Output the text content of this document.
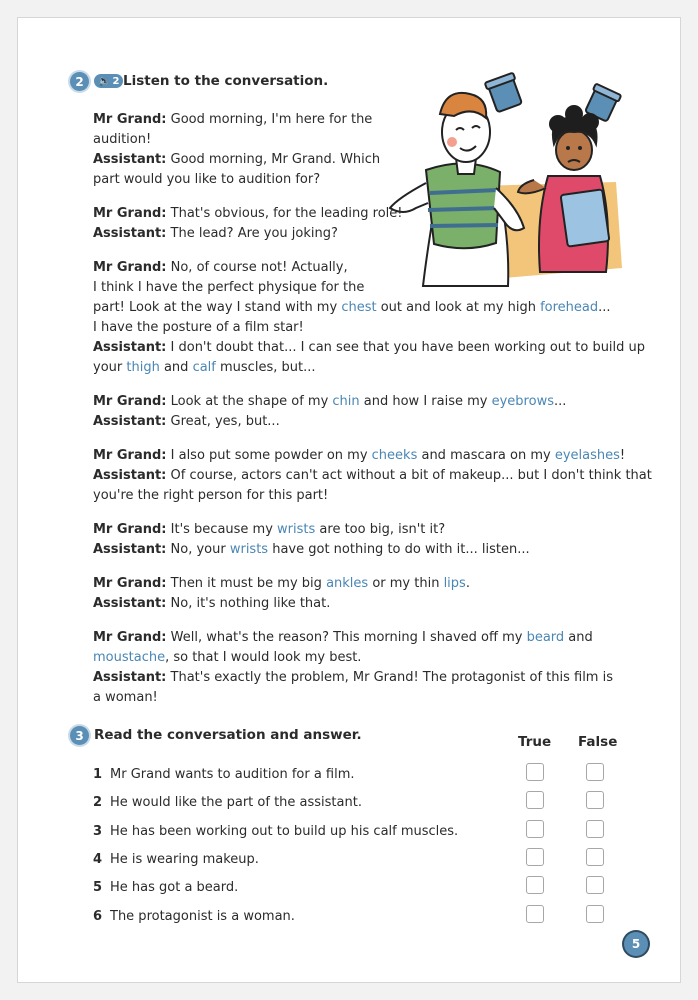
2	🔈 2 Listen to the conversation.

Mr Grand: Good morning, I'm here for the

audition!

Assistant: Good morning, Mr Grand. Which

part would you like to audition for?

Mr Grand: That's obvious, for the leading role!

Assistant: The lead? Are you joking?

Mr Grand: No, of course not! Actually,

I think I have the perfect physique for the

part! Look at the way I stand with my chest out and look at my high forehead...

I have the posture of a film star!

Assistant: I don't doubt that... I can see that you have been working out to build up

your thigh and calf muscles, but...

Mr Grand: Look at the shape of my chin and how I raise my eyebrows...

Assistant: Great, yes, but...

Mr Grand: I also put some powder on my cheeks and mascara on my eyelashes!

Assistant: Of course, actors can't act without a bit of makeup... but I don't think that

you're the right person for this part!

Mr Grand: It's because my wrists are too big, isn't it?

Assistant: No, your wrists have got nothing to do with it... listen...

Mr Grand: Then it must be my big ankles or my thin lips.

Assistant: No, it's nothing like that.

Mr Grand: Well, what's the reason? This morning I shaved off my beard and

moustache, so that I would look my best.

Assistant: That's exactly the problem, Mr Grand! The protagonist of this film is

a woman!

3 Read the conversation and answer.	True False
1 Mr Grand wants to audition for a film.
2 He would like the part of the assistant.
3 He has been working out to build up his calf muscles.
4 He is wearing makeup.
5 He has got a beard.
6 The protagonist is a woman.
5
